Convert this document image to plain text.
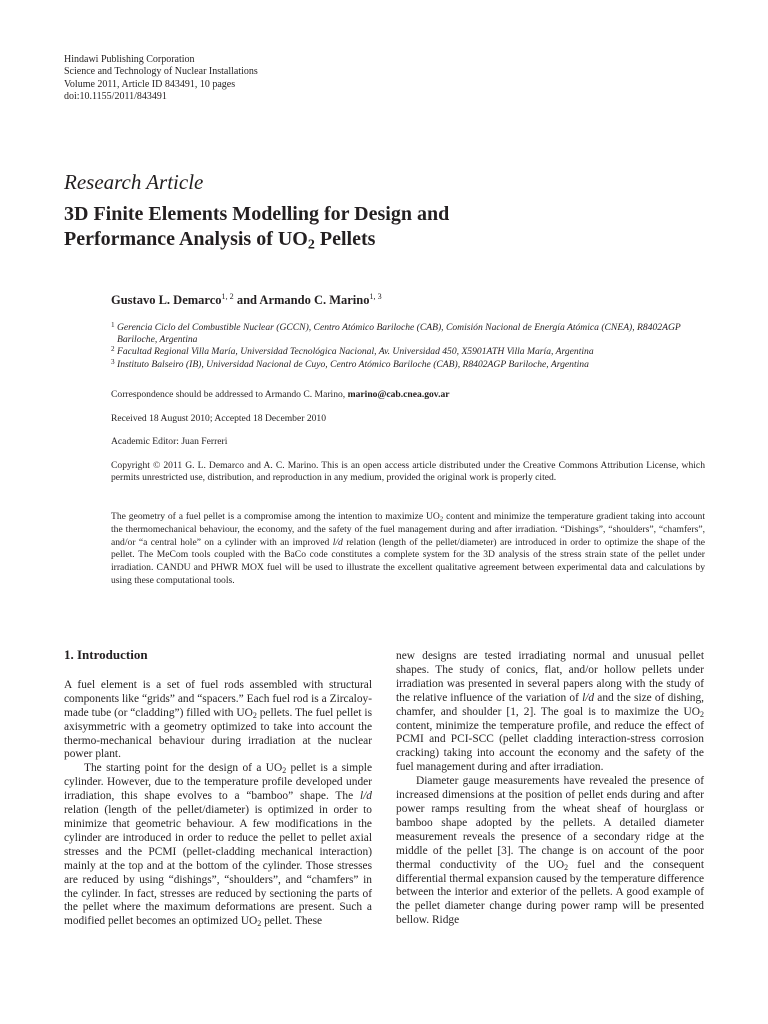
Hindawi Publishing Corporation
Science and Technology of Nuclear Installations
Volume 2011, Article ID 843491, 10 pages
doi:10.1155/2011/843491
Research Article
3D Finite Elements Modelling for Design and
Performance Analysis of $UO_2$ Pellets
Gustavo L. Demarco$^{1, 2}$ and Armando C. Marino$^{1, 3}$
1 Gerencia Ciclo del Combustible Nuclear (GCCN), Centro Atómico Bariloche (CAB), Comisión Nacional de Energía Atómica (CNEA), R8402AGP Bariloche, Argentina
2 Facultad Regional Villa María, Universidad Tecnológica Nacional, Av. Universidad 450, X5901ATH Villa María, Argentina
3 Instituto Balseiro (IB), Universidad Nacional de Cuyo, Centro Atómico Bariloche (CAB), R8402AGP Bariloche, Argentina
Correspondence should be addressed to Armando C. Marino, marino@cab.cnea.gov.ar
Received 18 August 2010; Accepted 18 December 2010
Academic Editor: Juan Ferreri
Copyright © 2011 G. L. Demarco and A. C. Marino. This is an open access article distributed under the Creative Commons Attribution License, which permits unrestricted use, distribution, and reproduction in any medium, provided the original work is properly cited.
The geometry of a fuel pellet is a compromise among the intention to maximize $UO_2$ content and minimize the temperature gradient taking into account the thermomechanical behaviour, the economy, and the safety of the fuel management during and after irradiation. “Dishings”, “shoulders”, “chamfers”, and/or “a central hole” on a cylinder with an improved l/d relation (length of the pellet/diameter) are introduced in order to optimize the shape of the pellet. The MeCom tools coupled with the BaCo code constitutes a complete system for the 3D analysis of the stress strain state of the pellet under irradiation. CANDU and PHWR MOX fuel will be used to illustrate the excellent qualitative agreement between experimental data and calculations by using these computational tools.
1. Introduction

A fuel element is a set of fuel rods assembled with structural components like “grids” and “spacers.” Each fuel rod is a Zircaloy-made tube (or “cladding”) filled with $UO_2$ pellets. The fuel pellet is axisymmetric with a geometry optimized to take into account the thermo-mechanical behaviour during irradiation at the nuclear power plant.

The starting point for the design of a $UO_2$ pellet is a simple cylinder. However, due to the temperature profile developed under irradiation, this shape evolves to a “bamboo” shape. The l/d relation (length of the pellet/diameter) is optimized in order to minimize that geometric behaviour. A few modifications in the cylinder are introduced in order to reduce the pellet to pellet axial stresses and the PCMI (pellet-cladding mechanical interaction) mainly at the top and at the bottom of the cylinder. Those stresses are reduced by using “dishings”, “shoulders”, and “chamfers” in the cylinder. In fact, stresses are reduced by sectioning the parts of the pellet where the maximum deformations are present. Such a modified pellet becomes an optimized $UO_2$ pellet. These

new designs are tested irradiating normal and unusual pellet shapes. The study of conics, flat, and/or hollow pellets under irradiation was presented in several papers along with the study of the relative influence of the variation of l/d and the size of dishing, chamfer, and shoulder [1, 2]. The goal is to maximize the $UO_2$ content, minimize the temperature profile, and reduce the effect of PCMI and PCI-SCC (pellet cladding interaction-stress corrosion cracking) taking into account the economy and the safety of the fuel management during and after irradiation.

Diameter gauge measurements have revealed the presence of increased dimensions at the position of pellet ends during and after power ramps resulting from the wheat sheaf of hourglass or bamboo shape adopted by the pellets. A detailed diameter measurement reveals the presence of a secondary ridge at the middle of the pellet [3]. The change is on account of the poor thermal conductivity of the $UO_2$ fuel and the consequent differential thermal expansion caused by the temperature difference between the interior and exterior of the pellets. A good example of the pellet diameter change during power ramp will be presented bellow. Ridge
